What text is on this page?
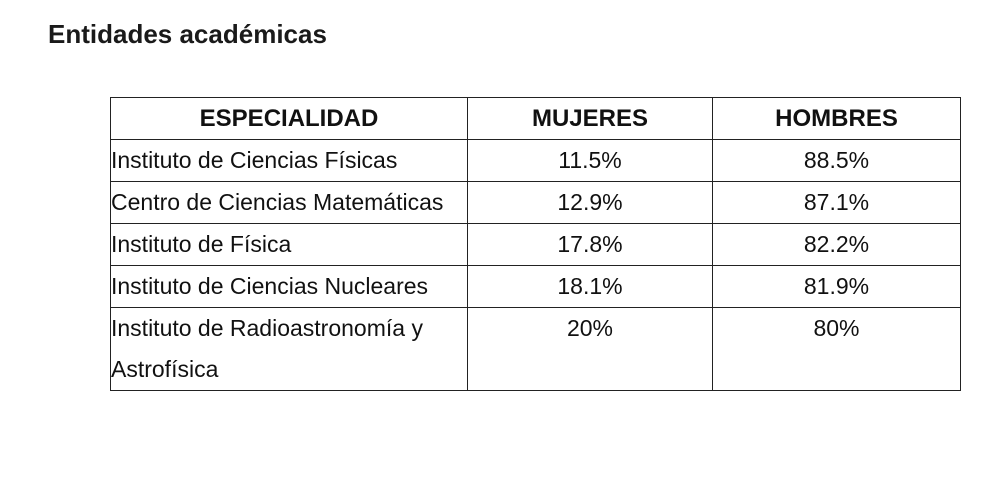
Entidades académicas
ESPECIALIDAD	MUJERES	HOMBRES
Instituto de Ciencias Físicas	11.5%	88.5%
Centro de Ciencias Matemáticas	12.9%	87.1%
Instituto de Física	17.8%	82.2%
Instituto de Ciencias Nucleares	18.1%	81.9%
Instituto de Radioastronomía y Astrofísica	20%	80%
